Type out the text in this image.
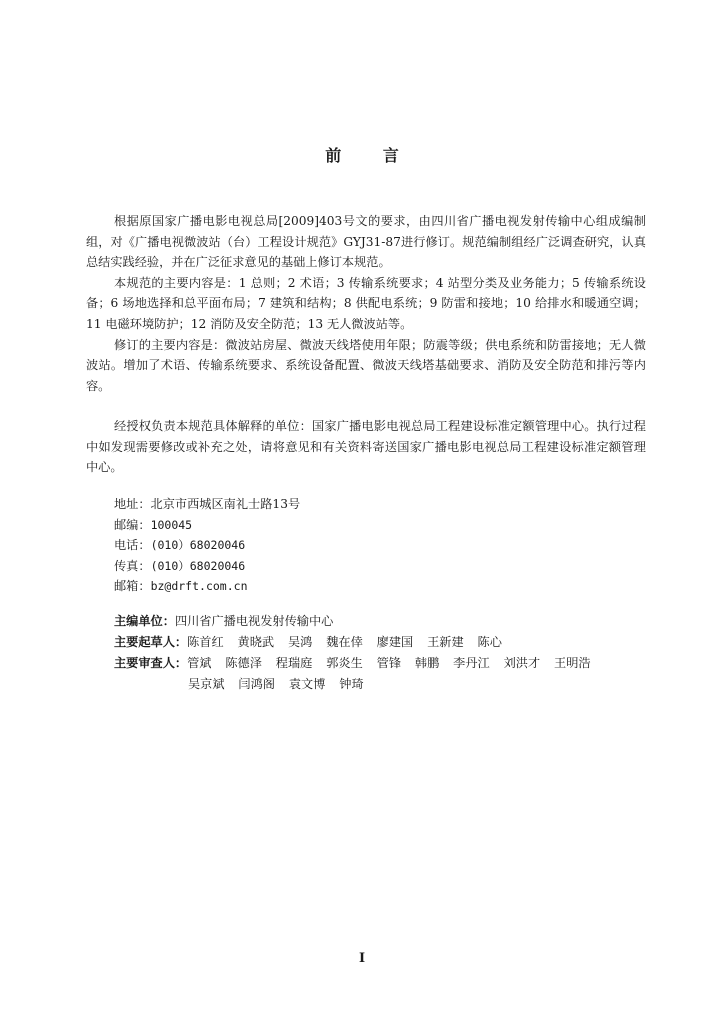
前 言

根据原国家广播电影电视总局[2009]403号文的要求，由四川省广播电视发射传输中心组成编制组，对《广播电视微波站（台）工程设计规范》GYJ31-87进行修订。规范编制组经广泛调查研究，认真总结实践经验，并在广泛征求意见的基础上修订本规范。

本规范的主要内容是：1 总则；2 术语；3 传输系统要求；4 站型分类及业务能力；5 传输系统设备；6 场地选择和总平面布局；7 建筑和结构；8 供配电系统；9 防雷和接地；10 给排水和暖通空调；11 电磁环境防护；12 消防及安全防范；13 无人微波站等。

修订的主要内容是：微波站房屋、微波天线塔使用年限；防震等级；供电系统和防雷接地；无人微波站。增加了术语、传输系统要求、系统设备配置、微波天线塔基础要求、消防及安全防范和排污等内容。

经授权负责本规范具体解释的单位：国家广播电影电视总局工程建设标准定额管理中心。执行过程中如发现需要修改或补充之处，请将意见和有关资料寄送国家广播电影电视总局工程建设标准定额管理中心。

地址：北京市西城区南礼士路13号
邮编：100045
电话：(010）68020046
传真：(010）68020046
邮箱：bz@drft.com.cn
主编单位：四川省广播电视发射传输中心
主要起草人：陈首红 黄晓武 吴鸿 魏在倖 廖建国 王新建 陈心
主要审查人：管斌 陈德泽 程瑞庭 郭炎生 管锋 韩鹏 李丹江 刘洪才 王明浩
吴京斌 闫鸿阁 袁文博 钟琦
I
